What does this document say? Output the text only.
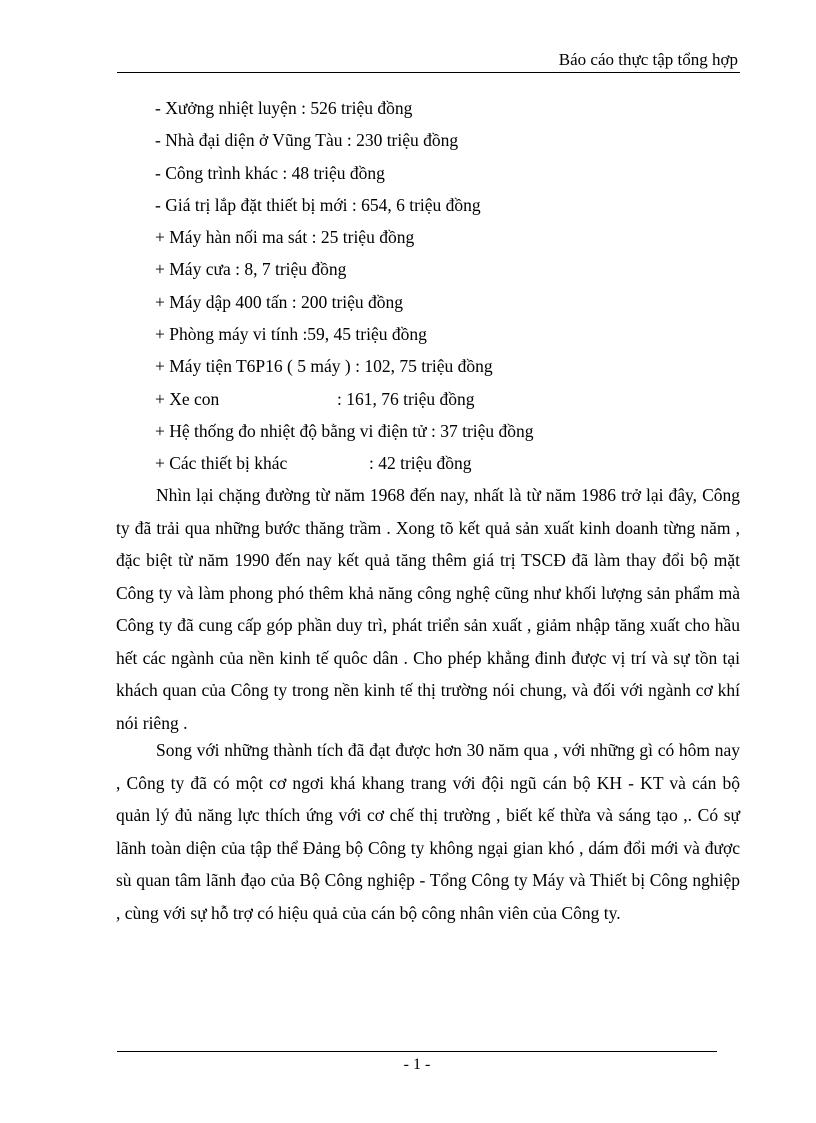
Báo cáo thực tập tổng hợp
- Xưởng nhiệt luyện : 526 triệu đồng
- Nhà đại diện ở Vũng Tàu : 230 triệu đồng
- Công trình khác : 48 triệu đồng
- Giá trị lắp đặt thiết bị mới : 654, 6 triệu đồng
+ Máy hàn nối ma sát : 25 triệu đồng
+ Máy cưa : 8, 7 triệu đồng
+ Máy dập 400 tấn : 200 triệu đồng
+ Phòng máy vi tính :59, 45 triệu đồng
+ Máy tiện T6P16 ( 5 máy ) : 102, 75 triệu đồng
+ Xe con	: 161, 76 triệu đồng
+ Hệ thống đo nhiệt độ bằng vi điện tử : 37 triệu đồng
+ Các thiết bị khác	: 42 triệu đồng

Nhìn lại chặng đường từ năm 1968 đến nay, nhất là từ năm 1986 trở lại đây, Công ty đã trải qua những bước thăng trầm . Xong tõ kết quả sản xuất kinh doanh từng năm , đặc biệt từ năm 1990 đến nay kết quả tăng thêm giá trị TSCĐ đã làm thay đổi bộ mặt Công ty và làm phong phó thêm khả năng công nghệ cũng như khối lượng sản phẩm mà Công ty đã cung cấp góp phần duy trì, phát triển sản xuất , giảm nhập tăng xuất cho hầu hết các ngành của nền kinh tế quôc dân . Cho phép khẳng đinh được vị trí và sự tồn tại khách quan của Công ty trong nền kinh tế thị trường nói chung, và đối với ngành cơ khí nói riêng .

Song với những thành tích đã đạt được hơn 30 năm qua , với những gì có hôm nay , Công ty đã có một cơ ngơi khá khang trang với đội ngũ cán bộ KH - KT và cán bộ quản lý đủ năng lực thích ứng với cơ chế thị trường , biết kế thừa và sáng tạo ,. Có sự lãnh toàn diện của tập thể Đảng bộ Công ty không ngại gian khó , dám đổi mới và được sù quan tâm lãnh đạo của Bộ Công nghiệp - Tổng Công ty Máy và Thiết bị Công nghiệp , cùng với sự hỗ trợ có hiệu quả của cán bộ công nhân viên của Công ty.

- 1 -
